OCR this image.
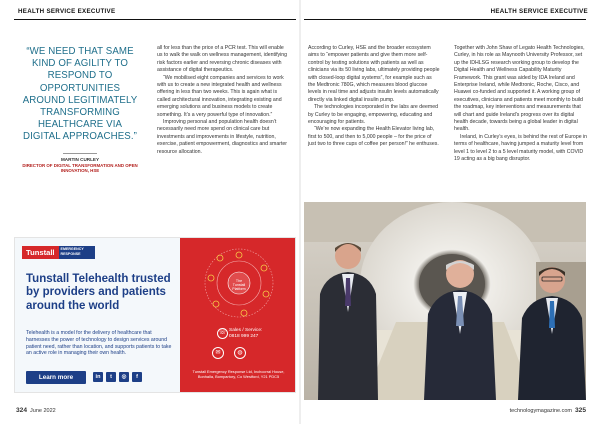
HEALTH SERVICE EXECUTIVE	HEALTH SERVICE EXECUTIVE
“WE NEED THAT SAME KIND OF AGILITY TO RESPOND TO OPPORTUNITIES AROUND LEGITIMATELY TRANSFORMING HEALTHCARE VIA DIGITAL APPROACHES.”
MARTIN CURLEY
DIRECTOR OF DIGITAL TRANSFORMATION AND OPEN INNOVATION, HSE

all for less than the price of a PCR test. This will enable us to walk the walk on wellness management, identifying risk factors earlier and reversing chronic diseases with assistance of digital therapeutics.

“We mobilised eight companies and services to work with us to create a new integrated health and wellness offering in less than two weeks. This is again what is called architectural innovation, integrating existing and emerging solutions and business models to create something. It’s a very powerful type of innovation.”

Improving personal and population health doesn’t necessarily need more spend on clinical care but investments and improvements in lifestyle, nutrition, exercise, patient empowerment, diagnostics and smarter resource allocation.

According to Curley, HSE and the broader ecosystem aims to “empower patients and give them more self-control by testing solutions with patients as well as clinicians via its 50 living labs, ultimately providing people with closed-loop digital systems”, for example such as the Medtronic 780G, which measures blood glucose levels in real time and adjusts insulin levels automatically directly via linked digital insulin pump.

The technologies incorporated in the labs are deemed by Curley to be engaging, empowering, educating and encouraging for patients.

“We’re now expanding the Health Elevator living lab, first to 500, and then to 5,000 people – for the price of just two to three cups of coffee per person!” he enthuses.

Together with John Shaw of Legato Health Technologies, Curley, in his role as Maynooth University Professor, set up the IDHLSG research working group to develop the Digital Health and Wellness Capability Maturity Framework. This grant was aided by IDA Ireland and Enterprise Ireland, while Medtronic, Roche, Cisco, and Huawei co-funded and supported it. A working group of executives, clinicians and patients meet monthly to build the roadmap, key interventions and measurements that will chart and guide Ireland’s progress over its digital health decade, towards being a global leader in digital health.

Ireland, in Curley’s eyes, is behind the rest of Europe in terms of healthcare, having jumped a maturity level from level 1 to level 2 to a 5 level maturity model, with COVID 19 acting as a big bang disruptor.

The
Tunstall
Platform
☏ Sales / Service:
0818 999 247
✉	◍
Tunstall Emergency Response Ltd, Inchcorral House, Bonhalla, Bompartory, Co Westford, Y21 PDC5
Tunstall	EMERGENCY RESPONSE
Tunstall Telehealth trusted by providers and patients around the world
Telehealth is a model for the delivery of healthcare that harnesses the power of technology to design services around patient need, rather than location, and supports patients to take an active role in managing their own health.
Learn more	in	t	◎	f
324 June 2022	technologymagazine.com 325
